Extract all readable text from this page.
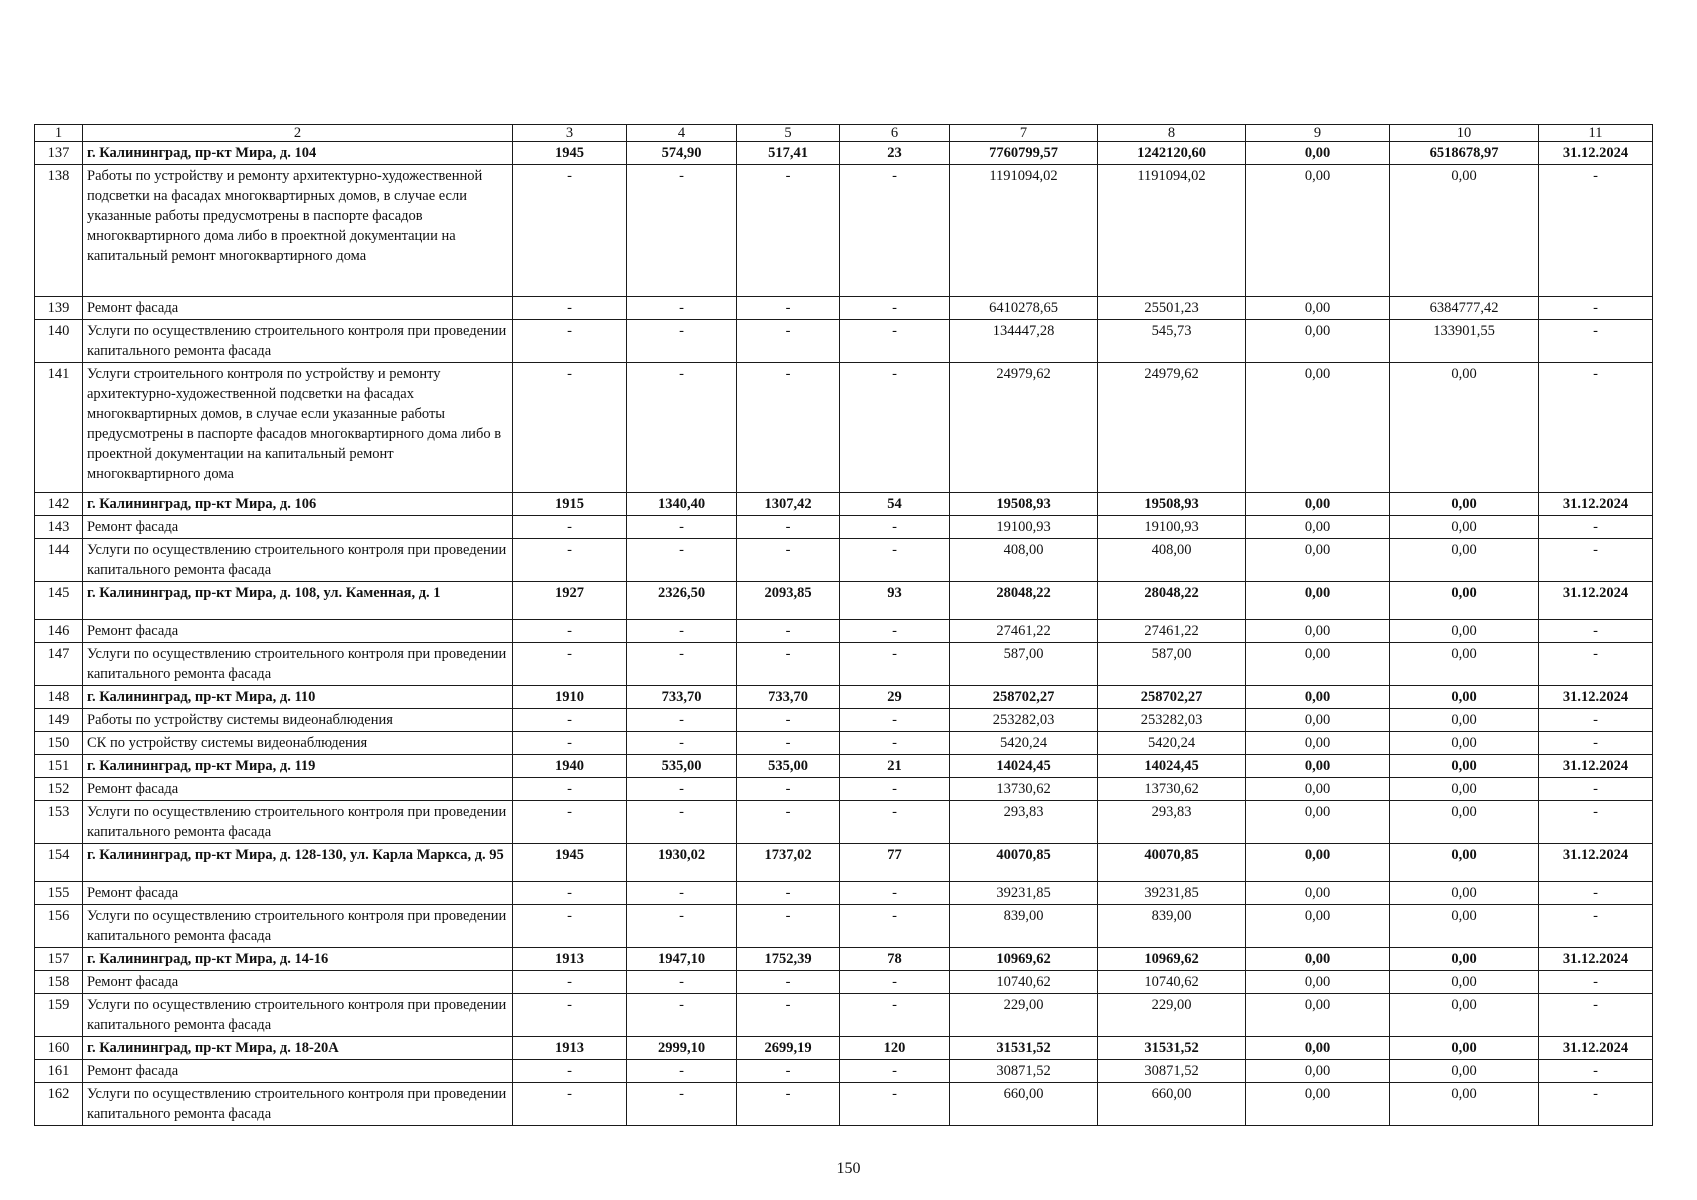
1	2	3	4	5	6	7	8	9	10	11
137	г. Калининград, пр-кт Мира, д. 104	1945	574,90	517,41	23	7760799,57	1242120,60	0,00	6518678,97	31.12.2024
138	Работы по устройству и ремонту архитектурно-художественной подсветки на фасадах многоквартирных домов, в случае если указанные работы предусмотрены в паспорте фасадов многоквартирного дома либо в проектной документации на капитальный ремонт многоквартирного дома	-	-	-	-	1191094,02	1191094,02	0,00	0,00	-
139	Ремонт фасада	-	-	-	-	6410278,65	25501,23	0,00	6384777,42	-
140	Услуги по осуществлению строительного контроля при проведении капитального ремонта фасада	-	-	-	-	134447,28	545,73	0,00	133901,55	-
141	Услуги строительного контроля по устройству и ремонту архитектурно-художественной подсветки на фасадах многоквартирных домов, в случае если указанные работы предусмотрены в паспорте фасадов многоквартирного дома либо в проектной документации на капитальный ремонт многоквартирного дома	-	-	-	-	24979,62	24979,62	0,00	0,00	-
142	г. Калининград, пр-кт Мира, д. 106	1915	1340,40	1307,42	54	19508,93	19508,93	0,00	0,00	31.12.2024
143	Ремонт фасада	-	-	-	-	19100,93	19100,93	0,00	0,00	-
144	Услуги по осуществлению строительного контроля при проведении капитального ремонта фасада	-	-	-	-	408,00	408,00	0,00	0,00	-
145	г. Калининград, пр-кт Мира, д. 108, ул. Каменная, д. 1	1927	2326,50	2093,85	93	28048,22	28048,22	0,00	0,00	31.12.2024
146	Ремонт фасада	-	-	-	-	27461,22	27461,22	0,00	0,00	-
147	Услуги по осуществлению строительного контроля при проведении капитального ремонта фасада	-	-	-	-	587,00	587,00	0,00	0,00	-
148	г. Калининград, пр-кт Мира, д. 110	1910	733,70	733,70	29	258702,27	258702,27	0,00	0,00	31.12.2024
149	Работы по устройству системы видеонаблюдения	-	-	-	-	253282,03	253282,03	0,00	0,00	-
150	СК по устройству системы видеонаблюдения	-	-	-	-	5420,24	5420,24	0,00	0,00	-
151	г. Калининград, пр-кт Мира, д. 119	1940	535,00	535,00	21	14024,45	14024,45	0,00	0,00	31.12.2024
152	Ремонт фасада	-	-	-	-	13730,62	13730,62	0,00	0,00	-
153	Услуги по осуществлению строительного контроля при проведении капитального ремонта фасада	-	-	-	-	293,83	293,83	0,00	0,00	-
154	г. Калининград, пр-кт Мира, д. 128-130, ул. Карла Маркса, д. 95	1945	1930,02	1737,02	77	40070,85	40070,85	0,00	0,00	31.12.2024
155	Ремонт фасада	-	-	-	-	39231,85	39231,85	0,00	0,00	-
156	Услуги по осуществлению строительного контроля при проведении капитального ремонта фасада	-	-	-	-	839,00	839,00	0,00	0,00	-
157	г. Калининград, пр-кт Мира, д. 14-16	1913	1947,10	1752,39	78	10969,62	10969,62	0,00	0,00	31.12.2024
158	Ремонт фасада	-	-	-	-	10740,62	10740,62	0,00	0,00	-
159	Услуги по осуществлению строительного контроля при проведении капитального ремонта фасада	-	-	-	-	229,00	229,00	0,00	0,00	-
160	г. Калининград, пр-кт Мира, д. 18-20А	1913	2999,10	2699,19	120	31531,52	31531,52	0,00	0,00	31.12.2024
161	Ремонт фасада	-	-	-	-	30871,52	30871,52	0,00	0,00	-
162	Услуги по осуществлению строительного контроля при проведении капитального ремонта фасада	-	-	-	-	660,00	660,00	0,00	0,00	-
150
